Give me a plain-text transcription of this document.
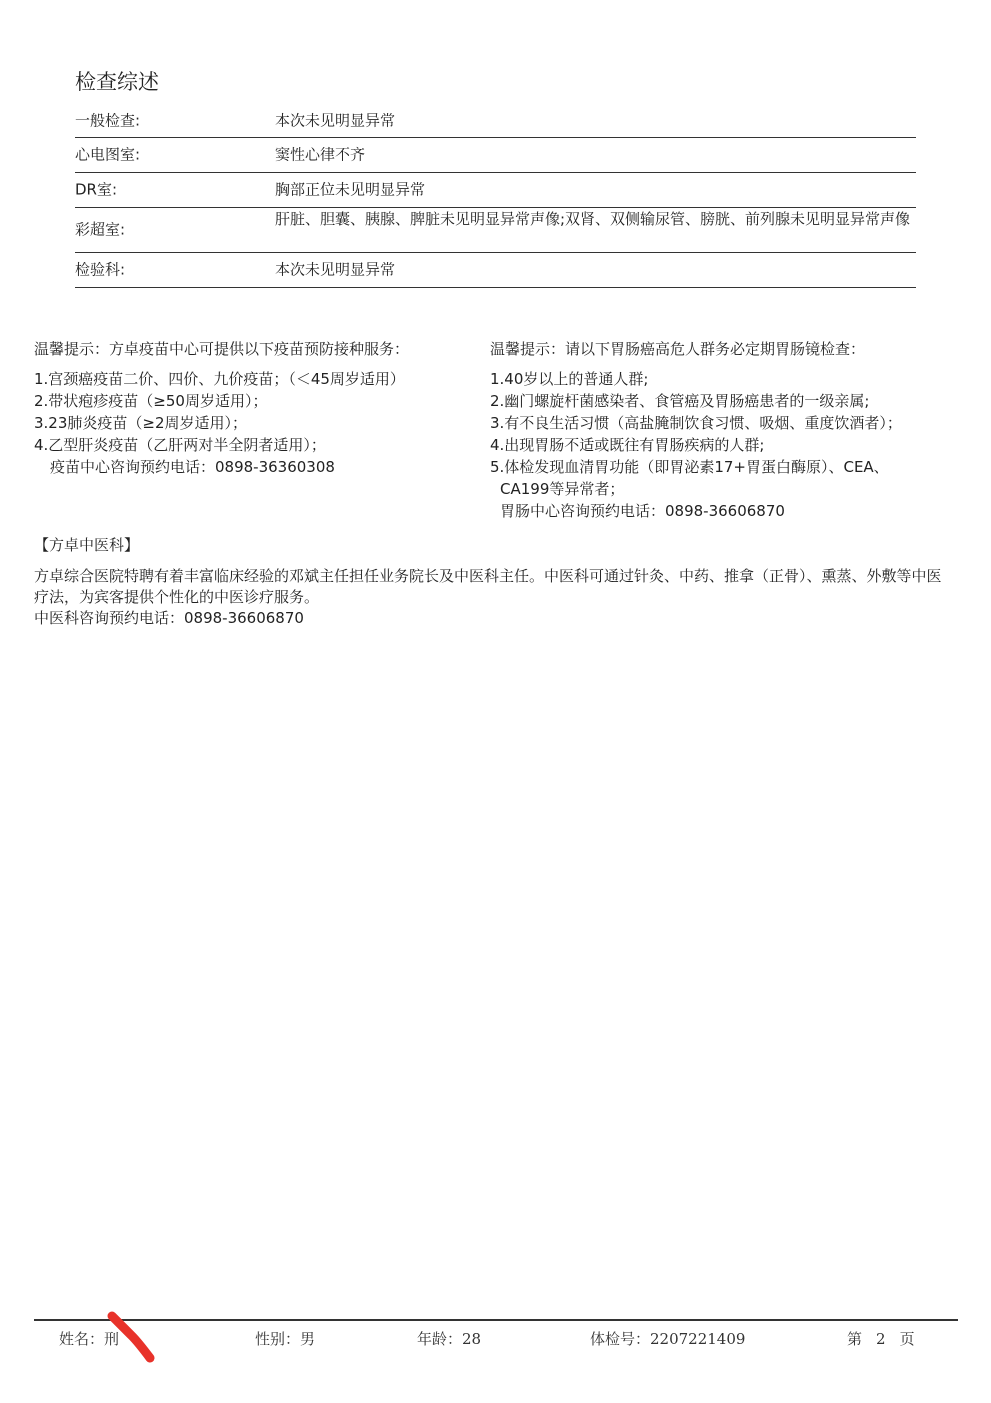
检查综述
一般检查:	本次未见明显异常
心电图室:	窦性心律不齐
DR室:	胸部正位未见明显异常
彩超室:
肝脏、胆囊、胰腺、脾脏未见明显异常声像;双肾、双侧输尿管、膀胱、前列腺未见明显异常声像
检验科:	本次未见明显异常
温馨提示：方卓疫苗中心可提供以下疫苗预防接种服务：
1.宫颈癌疫苗二价、四价、九价疫苗；（＜45周岁适用）
2.带状疱疹疫苗（≥50周岁适用）；
3.23肺炎疫苗（≥2周岁适用）；
4.乙型肝炎疫苗（乙肝两对半全阴者适用）；
疫苗中心咨询预约电话：0898-36360308
温馨提示：请以下胃肠癌高危人群务必定期胃肠镜检查：
1.40岁以上的普通人群;
2.幽门螺旋杆菌感染者、食管癌及胃肠癌患者的一级亲属;
3.有不良生活习惯（高盐腌制饮食习惯、吸烟、重度饮酒者）；
4.出现胃肠不适或既往有胃肠疾病的人群;
5.体检发现血清胃功能（即胃泌素17+胃蛋白酶原）、CEA、
CA199等异常者；
胃肠中心咨询预约电话：0898-36606870
【方卓中医科】
方卓综合医院特聘有着丰富临床经验的邓斌主任担任业务院长及中医科主任。中医科可通过针灸、中药、推拿（正骨）、熏蒸、外敷等中医疗法，为宾客提供个性化的中医诊疗服务。
中医科咨询预约电话：0898-36606870
姓名：刑	性别：男	年龄：28	体检号：2207221409	第 2 页
